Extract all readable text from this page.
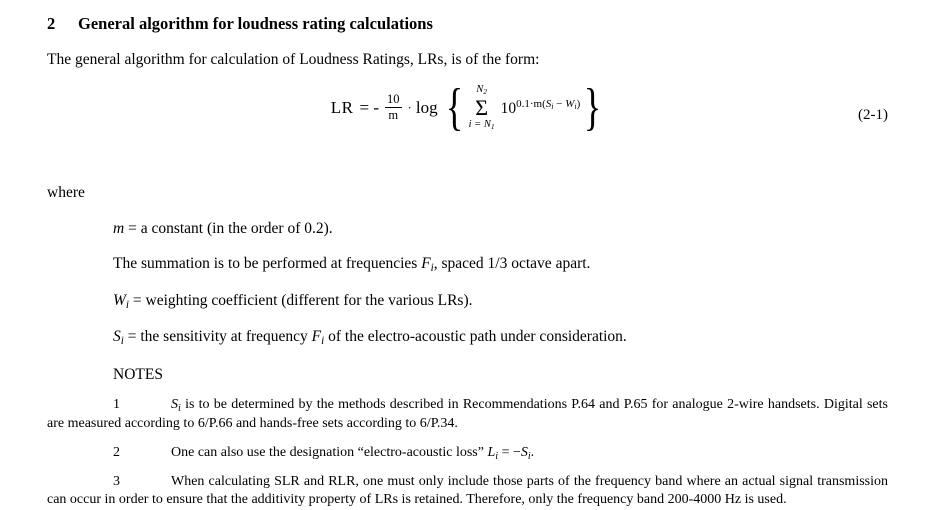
2	General algorithm for loudness rating calculations
The general algorithm for calculation of Loudness Ratings, LRs, is of the form:
LR = - $\frac{10}{m} \cdot \log$ { $N_2$
Σ
$i = N_1$
$10^{0.1\cdot m(S_i - W_i)}$ }	(2-1)
where
m = a constant (in the order of 0.2).
The summation is to be performed at frequencies $F_i$, spaced 1/3 octave apart.
$W_i$ = weighting coefficient (different for the various LRs).
$S_i$ = the sensitivity at frequency $F_i$ of the electro-acoustic path under consideration.
NOTES
1	$S_i$ is to be determined by the methods described in Recommendations P.64 and P.65 for analogue 2-wire handsets. Digital sets are measured according to 6/P.66 and hands-free sets according to 6/P.34.
2	One can also use the designation “electro-acoustic loss” $L_i = -S_i$.
3	When calculating SLR and RLR, one must only include those parts of the frequency band where an actual signal transmission can occur in order to ensure that the additivity property of LRs is retained. Therefore, only the frequency band 200-4000 Hz is used.
